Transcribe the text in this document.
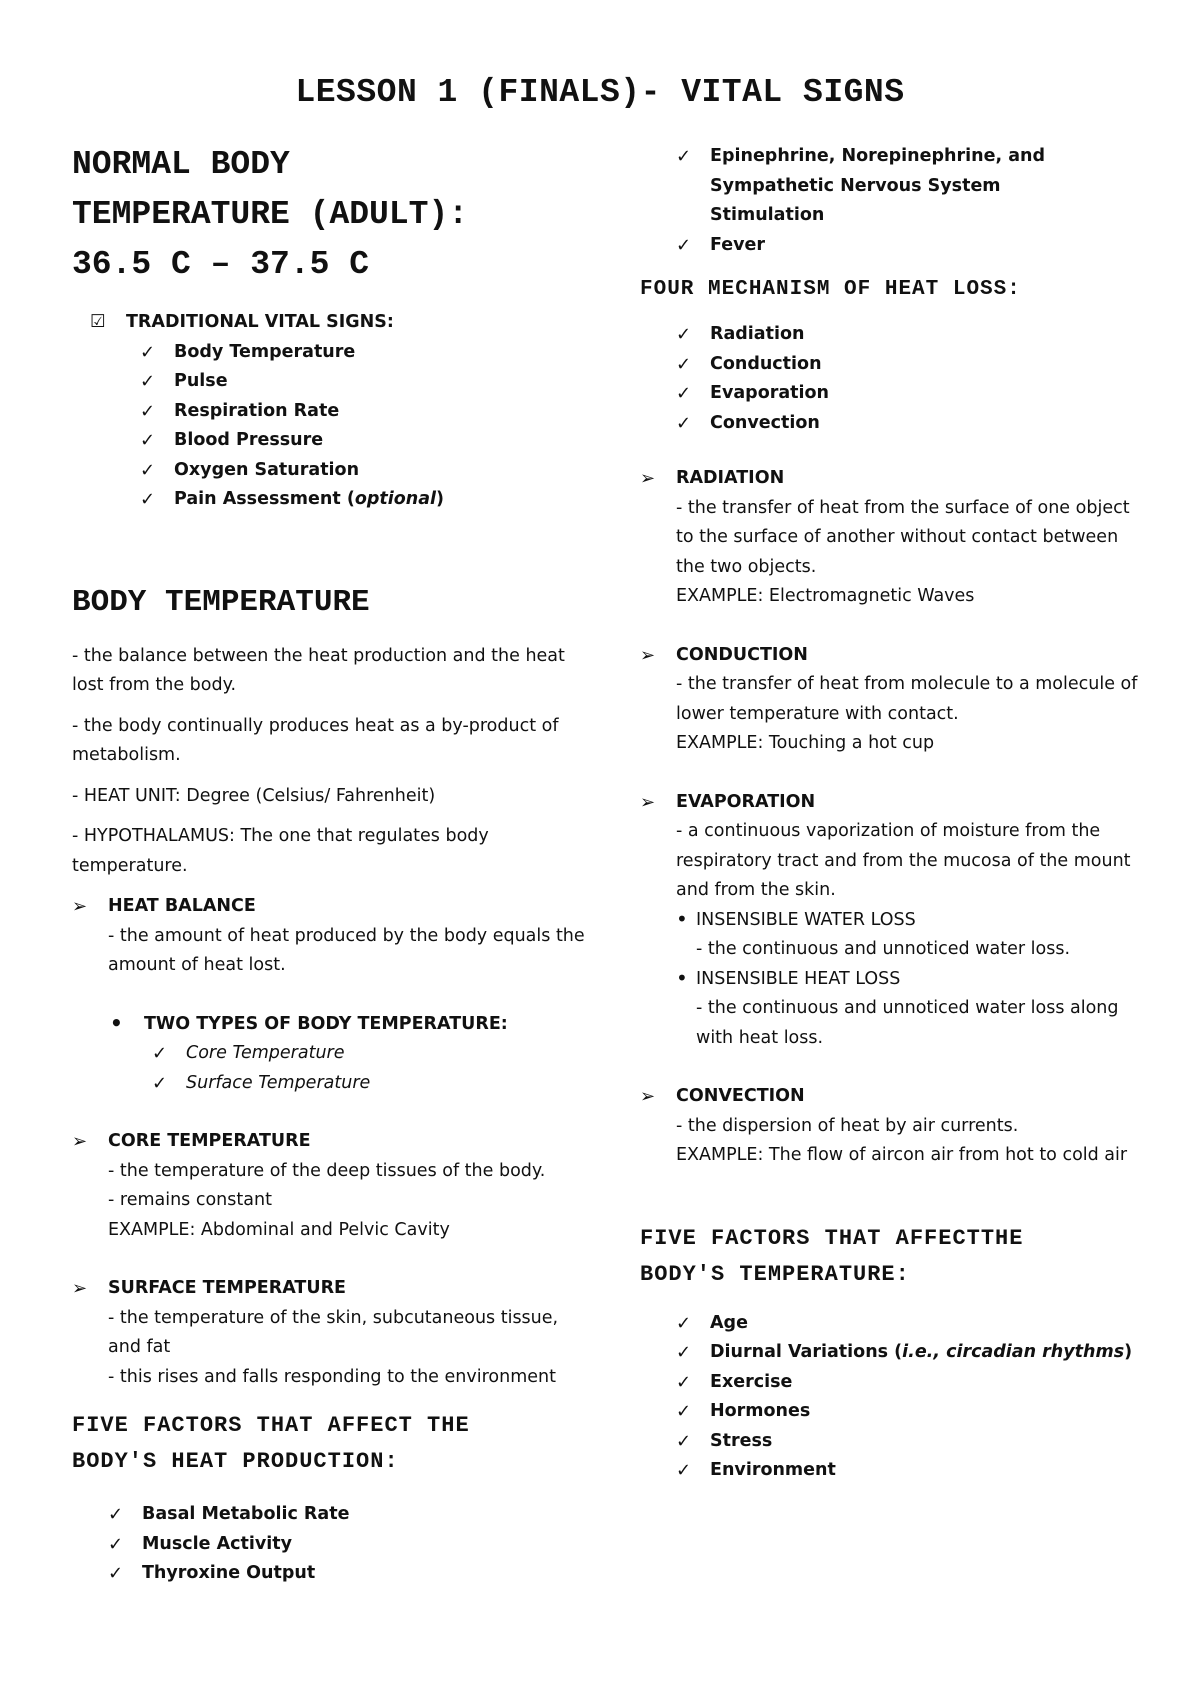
LESSON 1 (FINALS)- VITAL SIGNS
NORMAL BODY
TEMPERATURE (ADULT):
36.5 C – 37.5 C
☑ TRADITIONAL VITAL SIGNS:
✓ Body Temperature
✓ Pulse
✓ Respiration Rate
✓ Blood Pressure
✓ Oxygen Saturation
✓ Pain Assessment (optional)
BODY TEMPERATURE

- the balance between the heat production and the heat lost from the body.

- the body continually produces heat as a by-product of metabolism.

- HEAT UNIT: Degree (Celsius/ Fahrenheit)

- HYPOTHALAMUS: The one that regulates body temperature.

➢ HEAT BALANCE
- the amount of heat produced by the body equals the amount of heat lost.
• TWO TYPES OF BODY TEMPERATURE:
✓ Core Temperature
✓ Surface Temperature
➢ CORE TEMPERATURE
- the temperature of the deep tissues of the body.
- remains constant
EXAMPLE: Abdominal and Pelvic Cavity
➢ SURFACE TEMPERATURE
- the temperature of the skin, subcutaneous tissue, and fat
- this rises and falls responding to the environment
FIVE FACTORS THAT AFFECT THE
BODY'S HEAT PRODUCTION:
✓ Basal Metabolic Rate
✓ Muscle Activity
✓ Thyroxine Output
✓ Epinephrine, Norepinephrine, and Sympathetic Nervous System Stimulation
✓ Fever
FOUR MECHANISM OF HEAT LOSS:
✓ Radiation
✓ Conduction
✓ Evaporation
✓ Convection
➢ RADIATION
- the transfer of heat from the surface of one object to the surface of another without contact between the two objects.
EXAMPLE: Electromagnetic Waves
➢ CONDUCTION
- the transfer of heat from molecule to a molecule of lower temperature with contact.
EXAMPLE: Touching a hot cup
➢ EVAPORATION
- a continuous vaporization of moisture from the respiratory tract and from the mucosa of the mount and from the skin.
• INSENSIBLE WATER LOSS
- the continuous and unnoticed water loss.
• INSENSIBLE HEAT LOSS
- the continuous and unnoticed water loss along with heat loss.
➢ CONVECTION
- the dispersion of heat by air currents.
EXAMPLE: The flow of aircon air from hot to cold air
FIVE FACTORS THAT AFFECTTHE
BODY'S TEMPERATURE:
✓ Age
✓ Diurnal Variations (i.e., circadian rhythms)
✓ Exercise
✓ Hormones
✓ Stress
✓ Environment
